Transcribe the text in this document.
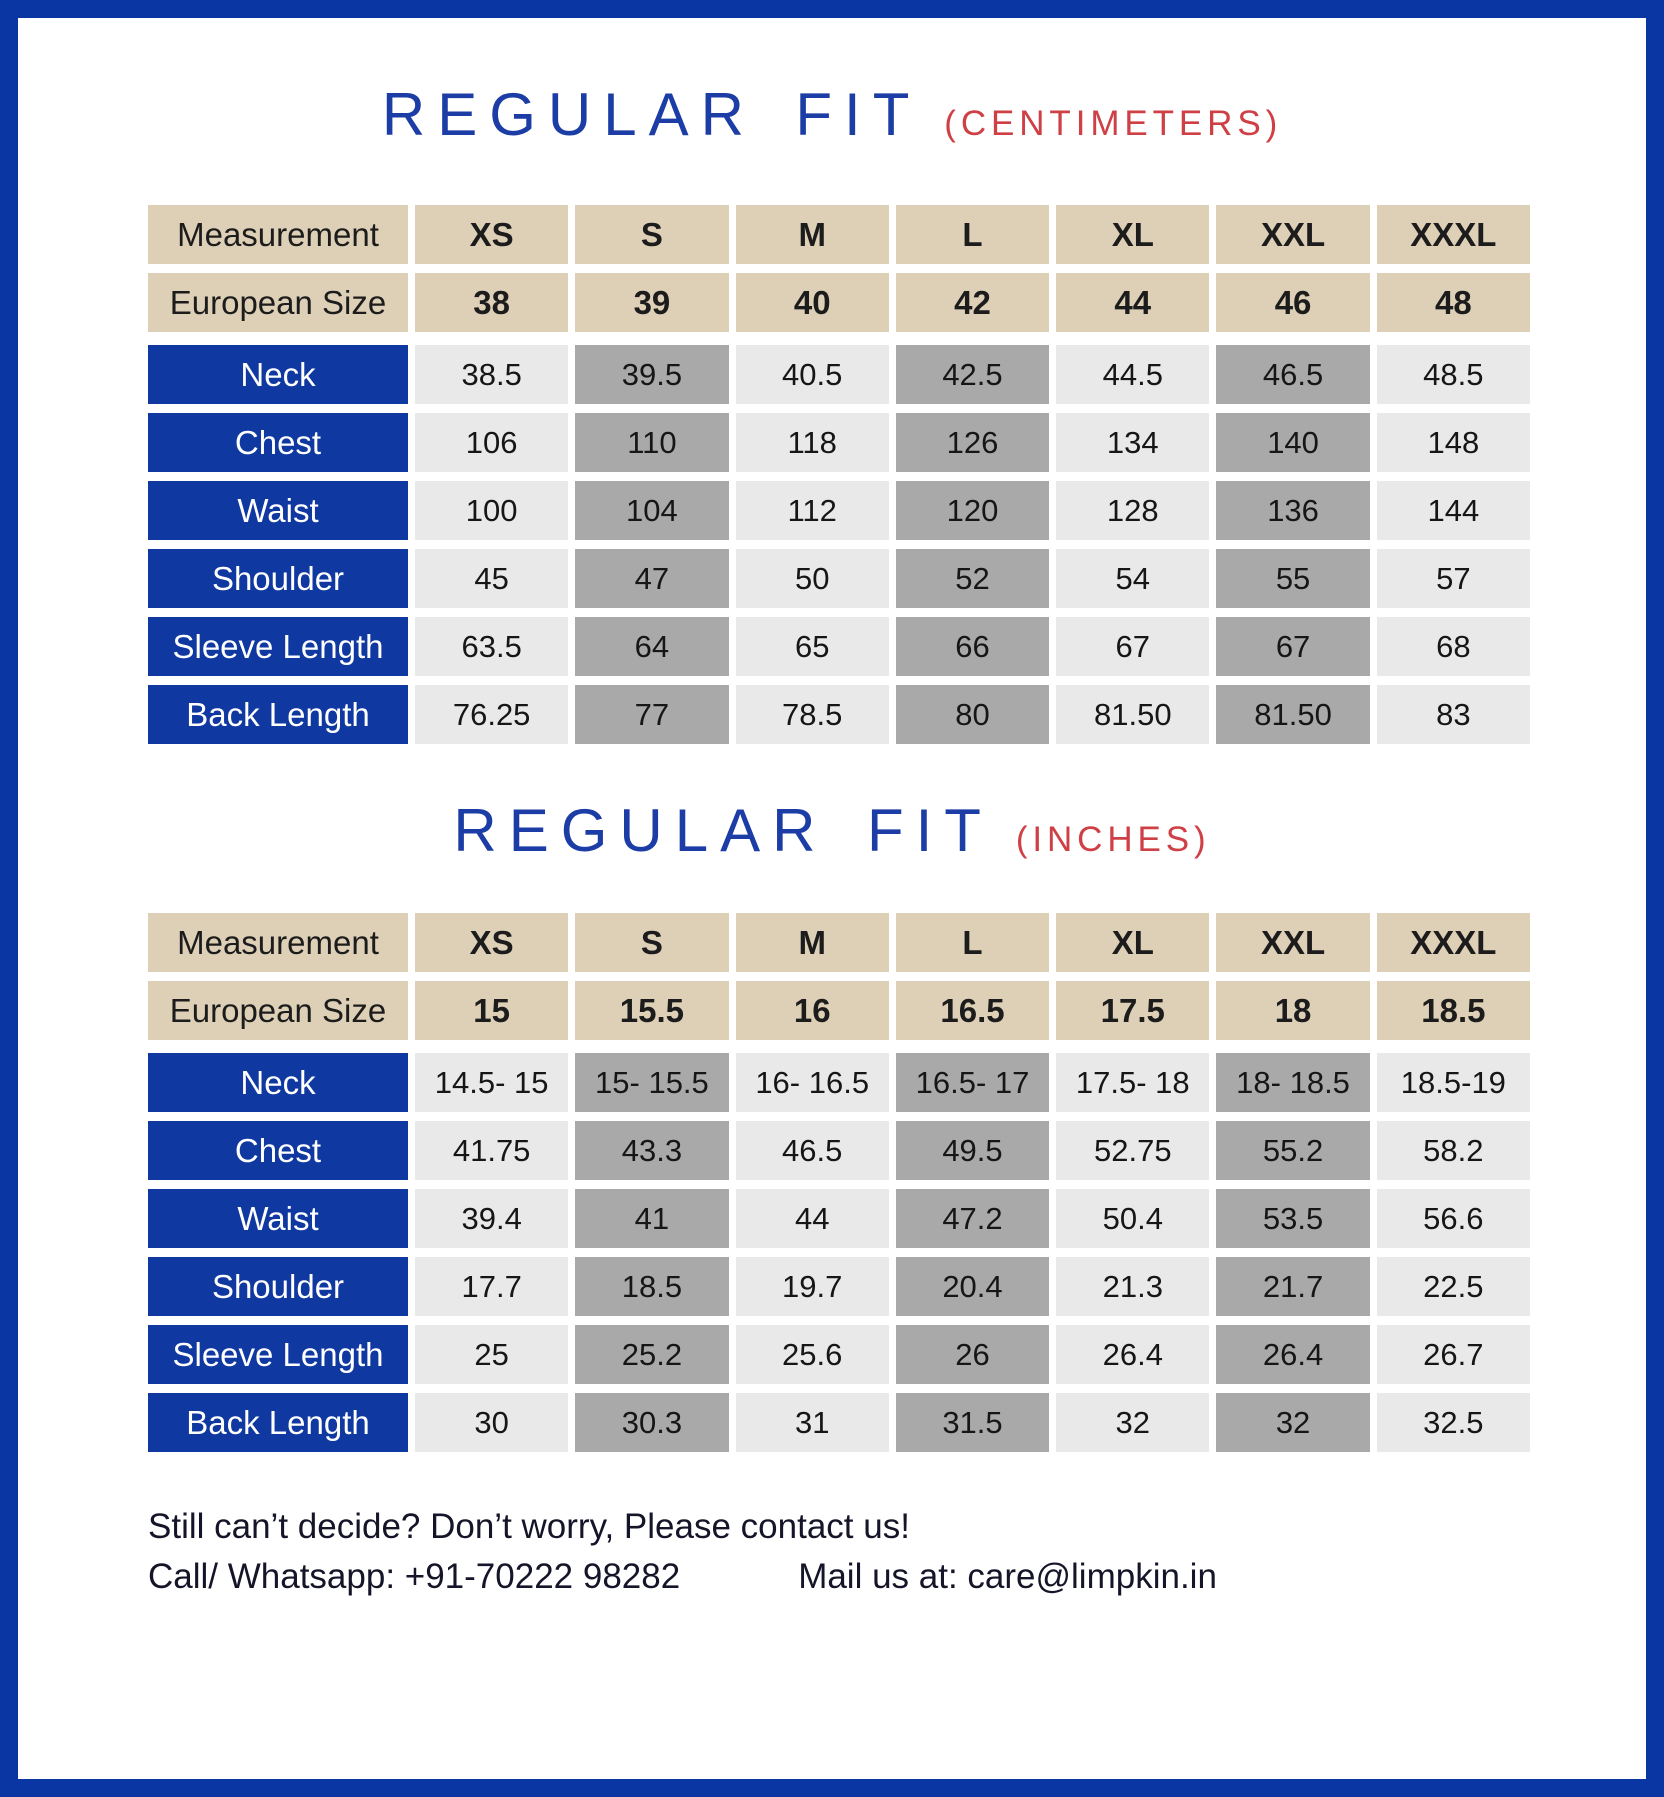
REGULAR FIT (CENTIMETERS)
Measurement	XS	S	M	L	XL	XXL	XXXL
European Size	38	39	40	42	44	46	48
Neck	38.5	39.5	40.5	42.5	44.5	46.5	48.5
Chest	106	110	118	126	134	140	148
Waist	100	104	112	120	128	136	144
Shoulder	45	47	50	52	54	55	57
Sleeve Length	63.5	64	65	66	67	67	68
Back Length	76.25	77	78.5	80	81.50	81.50	83
REGULAR FIT (INCHES)
Measurement	XS	S	M	L	XL	XXL	XXXL
European Size	15	15.5	16	16.5	17.5	18	18.5
Neck	14.5- 15	15- 15.5	16- 16.5	16.5- 17	17.5- 18	18- 18.5	18.5-19
Chest	41.75	43.3	46.5	49.5	52.75	55.2	58.2
Waist	39.4	41	44	47.2	50.4	53.5	56.6
Shoulder	17.7	18.5	19.7	20.4	21.3	21.7	22.5
Sleeve Length	25	25.2	25.6	26	26.4	26.4	26.7
Back Length	30	30.3	31	31.5	32	32	32.5
Still can’t decide? Don’t worry, Please contact us!
Call/ Whatsapp: +91-70222 98282	Mail us at: care@limpkin.in
